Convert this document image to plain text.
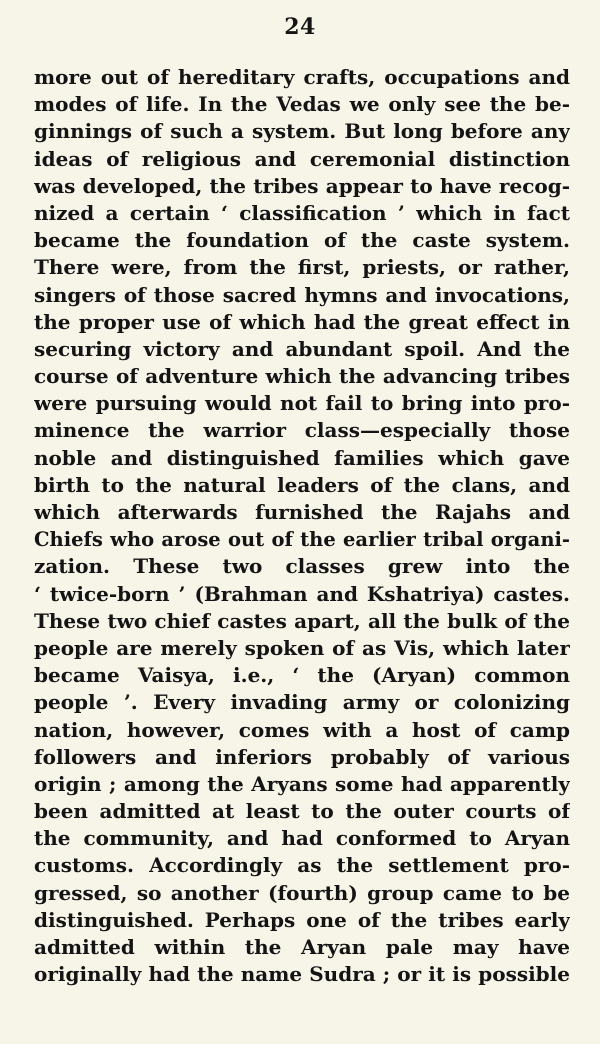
24
more out of hereditary crafts, occupations and
modes of life. In the Vedas we only see the be-
ginnings of such a system. But long before any
ideas of religious and ceremonial distinction
was developed, the tribes appear to have recog-
nized a certain ‘ classification ’ which in fact
became the foundation of the caste system.
There were, from the first, priests, or rather,
singers of those sacred hymns and invocations,
the proper use of which had the great effect in
securing victory and abundant spoil. And the
course of adventure which the advancing tribes
were pursuing would not fail to bring into pro-
minence the warrior class—especially those
noble and distinguished families which gave
birth to the natural leaders of the clans, and
which afterwards furnished the Rajahs and
Chiefs who arose out of the earlier tribal organi-
zation. These two classes grew into the
‘ twice-born ’ (Brahman and Kshatriya) castes.
These two chief castes apart, all the bulk of the
people are merely spoken of as Vis, which later
became Vaisya, i.e., ‘ the (Aryan) common
people ’. Every invading army or colonizing
nation, however, comes with a host of camp
followers and inferiors probably of various
origin ; among the Aryans some had apparently
been admitted at least to the outer courts of
the community, and had conformed to Aryan
customs. Accordingly as the settlement pro-
gressed, so another (fourth) group came to be
distinguished. Perhaps one of the tribes early
admitted within the Aryan pale may have
originally had the name Sudra ; or it is possible
